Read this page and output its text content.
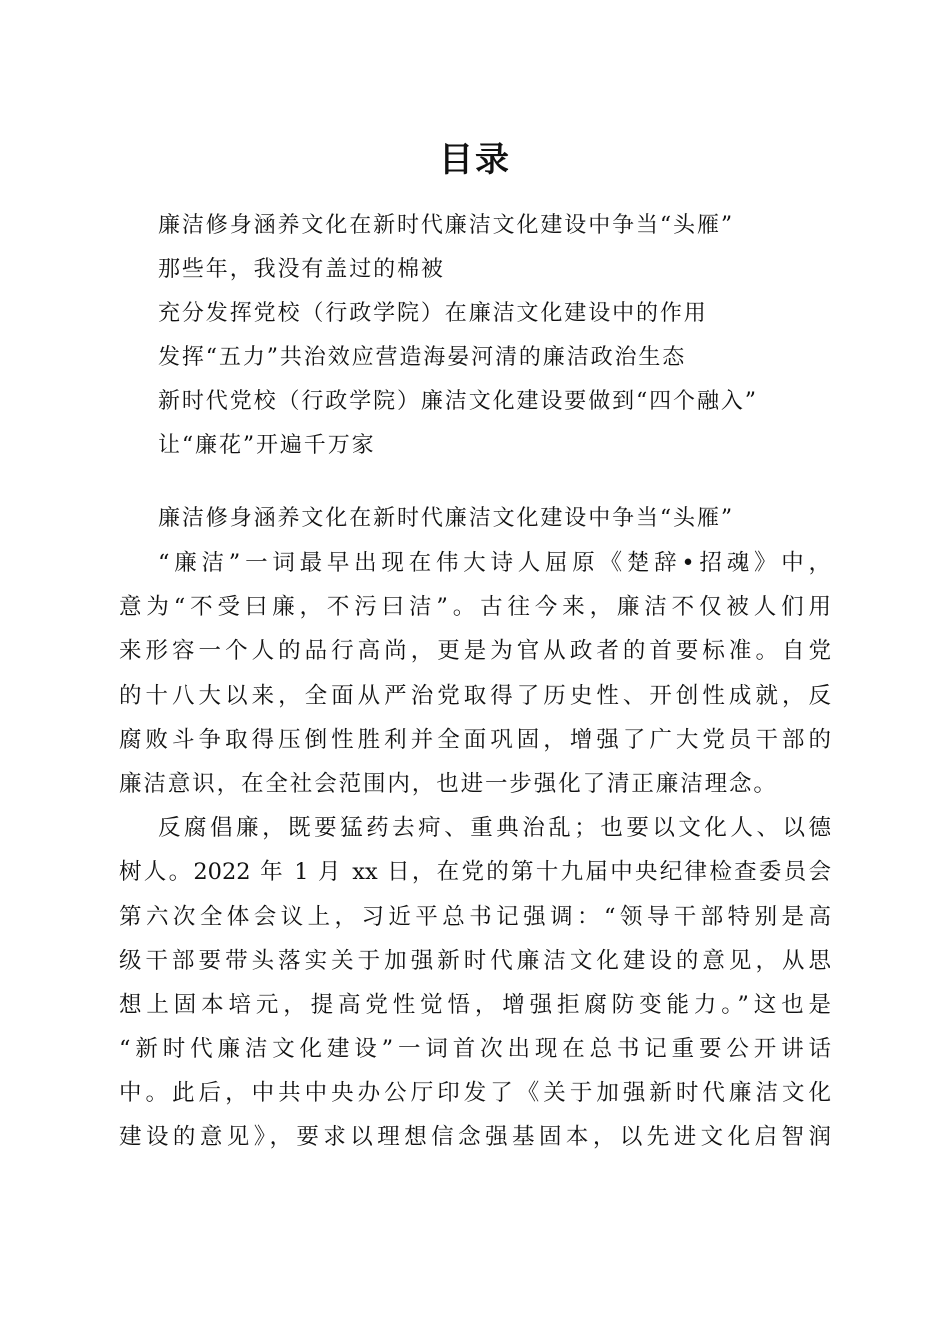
目录
廉洁修身涵养文化在新时代廉洁文化建设中争当“头雁”
那些年，我没有盖过的棉被
充分发挥党校（行政学院）在廉洁文化建设中的作用
发挥“五力”共治效应营造海晏河清的廉洁政治生态
新时代党校（行政学院）廉洁文化建设要做到“四个融入”
让“廉花”开遍千万家
廉洁修身涵养文化在新时代廉洁文化建设中争当“头雁”
“廉洁”一词最早出现在伟大诗人屈原《楚辞•招魂》中，
意为“不受曰廉，不污曰洁”。古往今来，廉洁不仅被人们用
来形容一个人的品行高尚，更是为官从政者的首要标准。自党
的十八大以来，全面从严治党取得了历史性、开创性成就，反
腐败斗争取得压倒性胜利并全面巩固，增强了广大党员干部的
廉洁意识，在全社会范围内，也进一步强化了清正廉洁理念。
反腐倡廉，既要猛药去疴、重典治乱；也要以文化人、以德
树人。2022 年 1 月 xx 日，在党的第十九届中央纪律检查委员会
第六次全体会议上，习近平总书记强调：“领导干部特别是高
级干部要带头落实关于加强新时代廉洁文化建设的意见，从思
想上固本培元，提高党性觉悟，增强拒腐防变能力。”这也是
“新时代廉洁文化建设”一词首次出现在总书记重要公开讲话
中。此后，中共中央办公厅印发了《关于加强新时代廉洁文化
建设的意见》，要求以理想信念强基固本，以先进文化启智润
